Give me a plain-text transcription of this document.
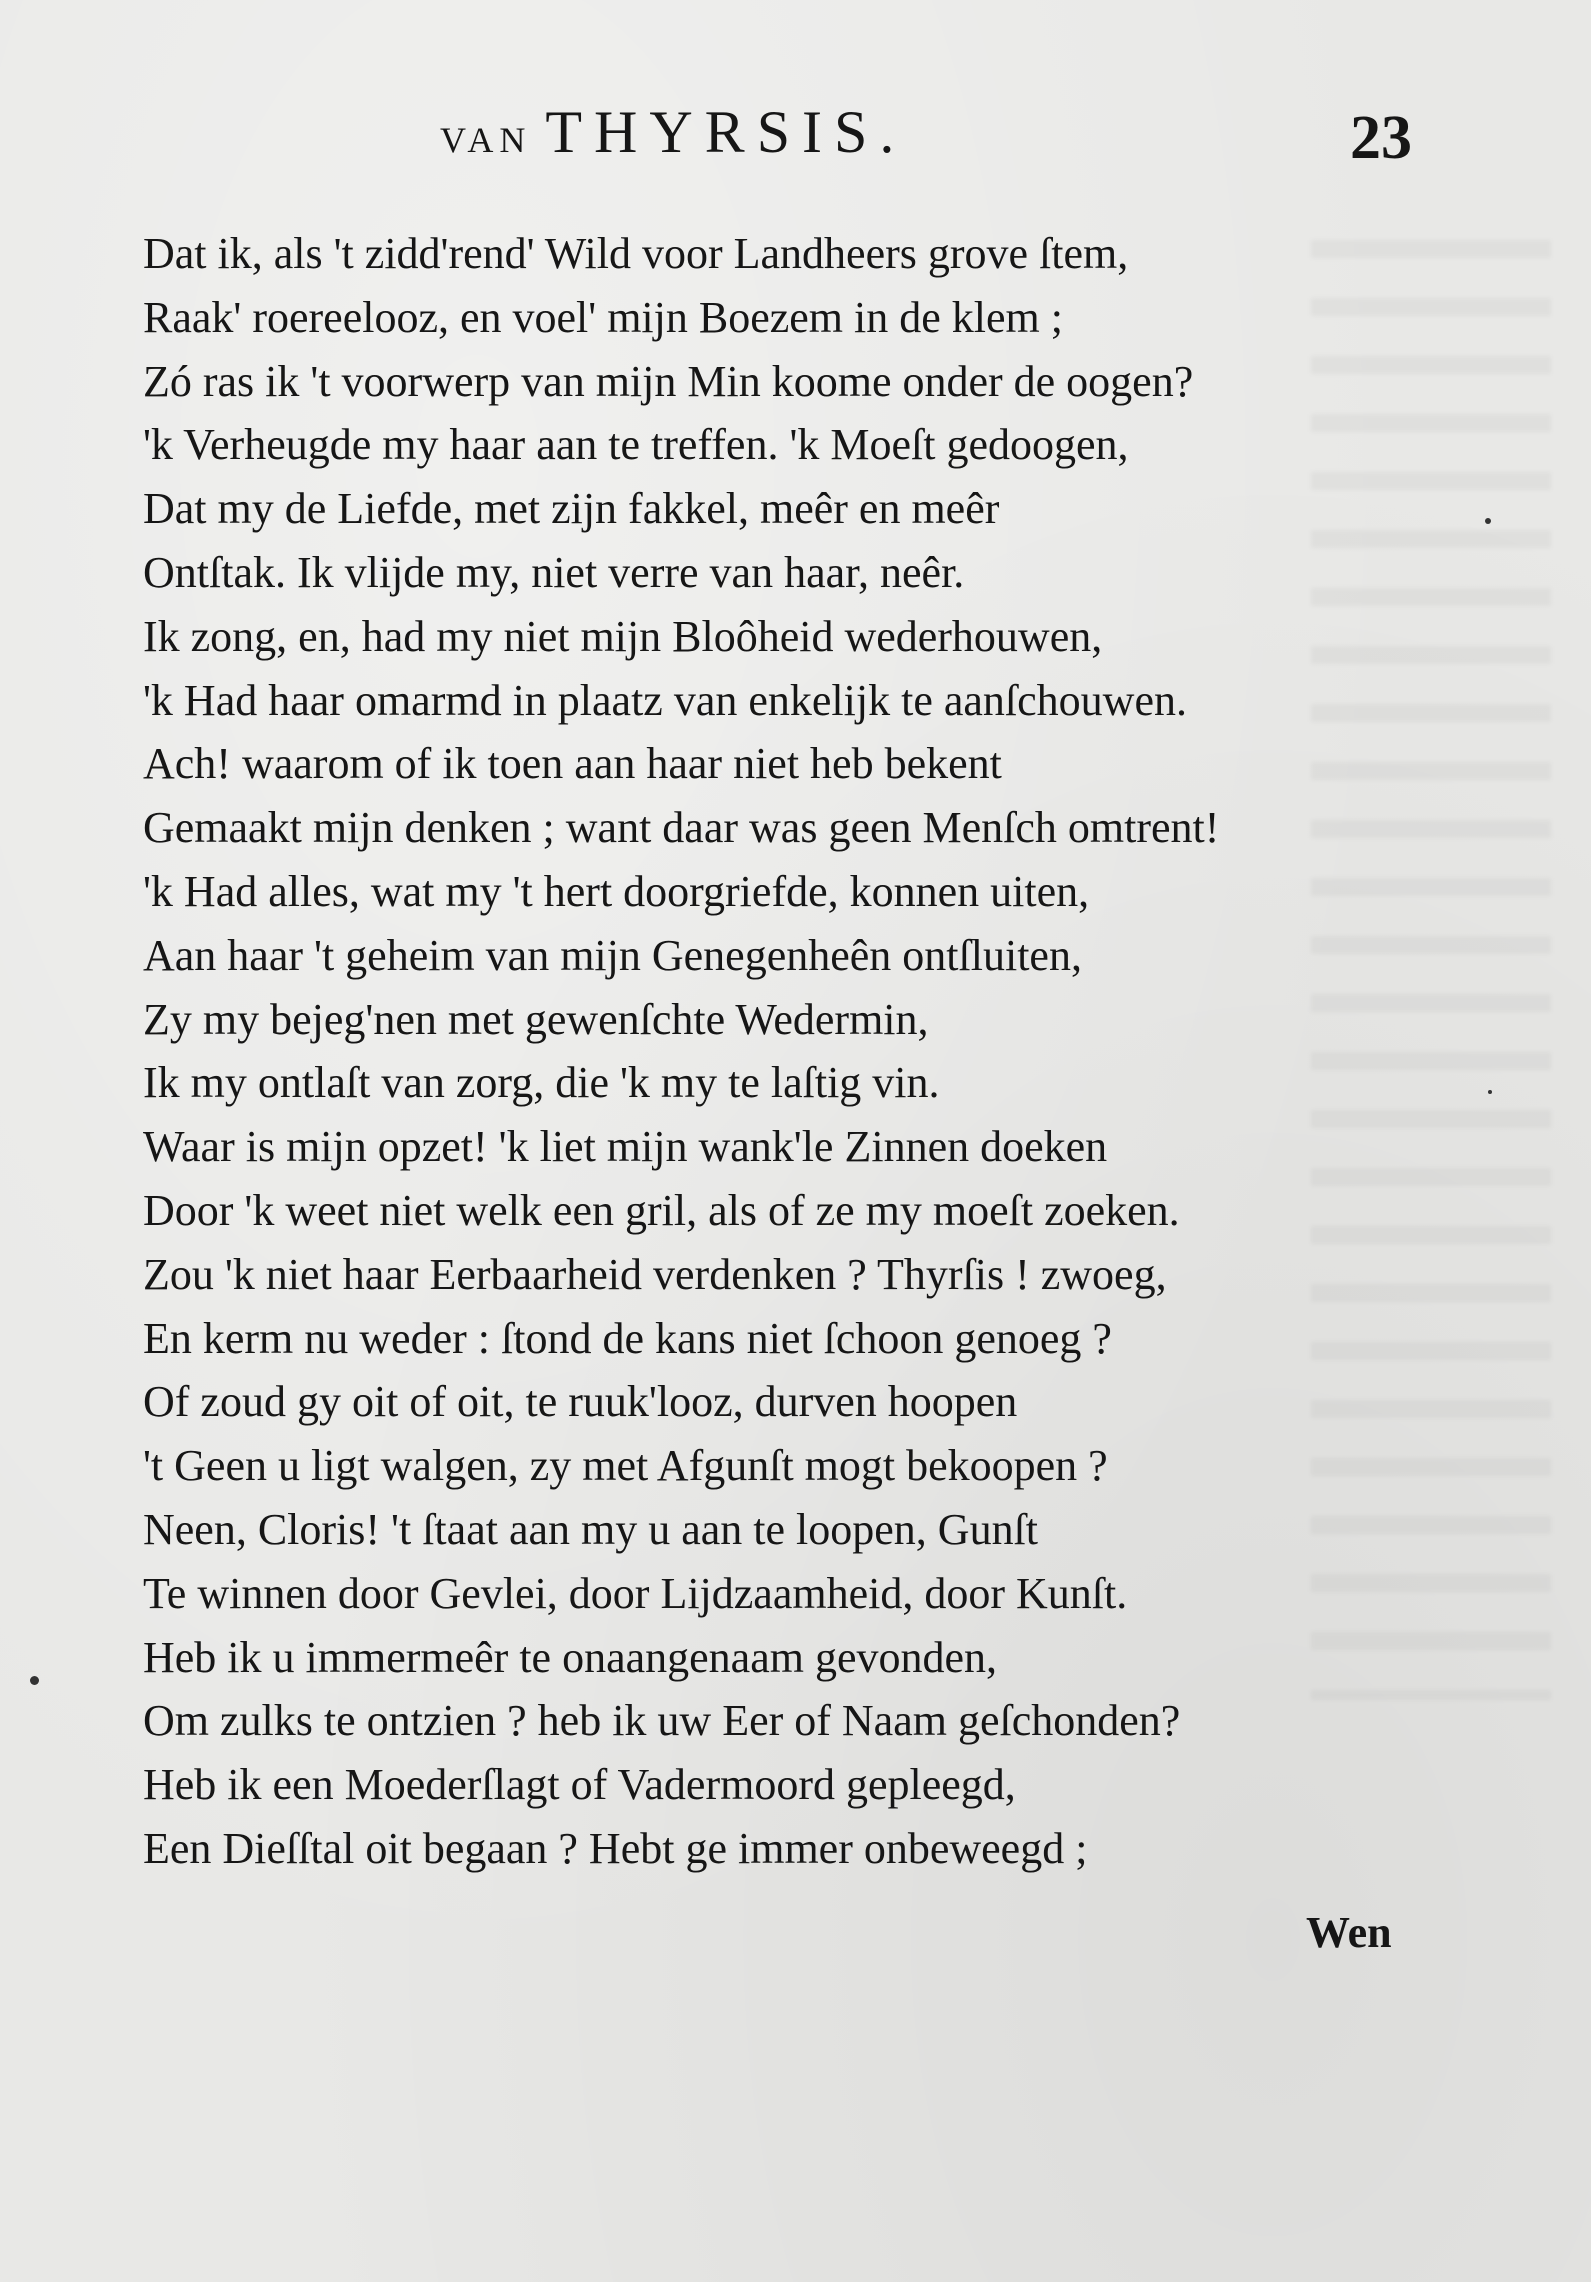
VAN THYRSIS.	23
Dat ik, als 't zidd'rend' Wild voor Landheers grove ſtem,
Raak' roereelooz, en voel' mijn Boezem in de klem ;
Zó ras ik 't voorwerp van mijn Min koome onder de oogen?
'k Verheugde my haar aan te treffen. 'k Moeſt gedoogen,
Dat my de Liefde, met zijn fakkel, meêr en meêr
Ontſtak. Ik vlijde my, niet verre van haar, neêr.
Ik zong, en, had my niet mijn Bloôheid wederhouwen,
'k Had haar omarmd in plaatz van enkelijk te aanſchouwen.
Ach! waarom of ik toen aan haar niet heb bekent
Gemaakt mijn denken ; want daar was geen Menſch omtrent!
'k Had alles, wat my 't hert doorgriefde, konnen uiten,
Aan haar 't geheim van mijn Genegenheên ontſluiten,
Zy my bejeg'nen met gewenſchte Wedermin,
Ik my ontlaſt van zorg, die 'k my te laſtig vin.
Waar is mijn opzet! 'k liet mijn wank'le Zinnen doeken
Door 'k weet niet welk een gril, als of ze my moeſt zoeken.
Zou 'k niet haar Eerbaarheid verdenken ? Thyrſis ! zwoeg,
En kerm nu weder : ſtond de kans niet ſchoon genoeg ?
Of zoud gy oit of oit, te ruuk'looz, durven hoopen
't Geen u ligt walgen, zy met Afgunſt mogt bekoopen ?
Neen, Cloris! 't ſtaat aan my u aan te loopen, Gunſt
Te winnen door Gevlei, door Lijdzaamheid, door Kunſt.
Heb ik u immermeêr te onaangenaam gevonden,
Om zulks te ontzien ? heb ik uw Eer of Naam geſchonden?
Heb ik een Moederſlagt of Vadermoord gepleegd,
Een Dieſſtal oit begaan ? Hebt ge immer onbeweegd ;
Wen
